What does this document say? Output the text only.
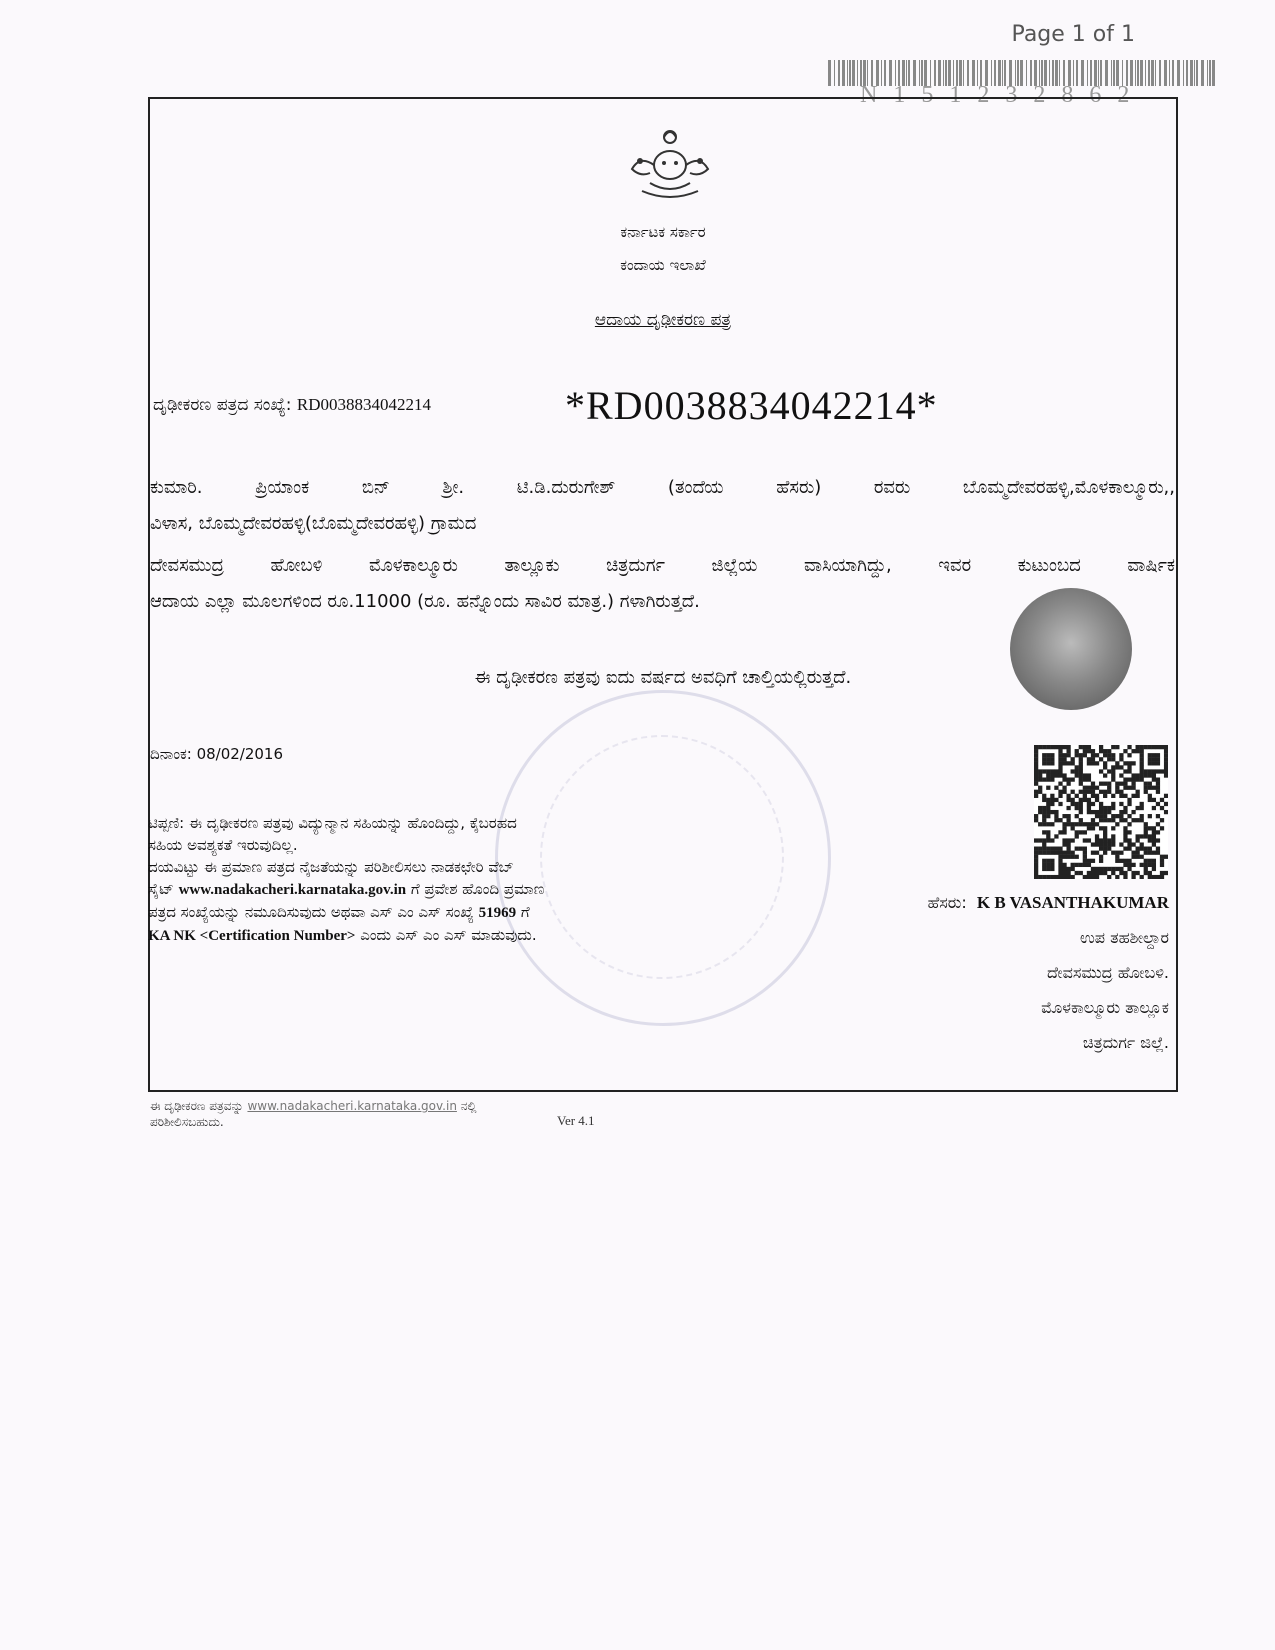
Page 1 of 1
N151232862
ಕರ್ನಾಟಕ ಸರ್ಕಾರ
ಕಂದಾಯ ಇಲಾಖೆ
ಆದಾಯ ದೃಢೀಕರಣ ಪತ್ರ
ದೃಢೀಕರಣ ಪತ್ರದ ಸಂಖ್ಯೆ: RD0038834042214	*RD0038834042214*
ಕುಮಾರಿ. ಪ್ರಿಯಾಂಕ ಬಿನ್ ಶ್ರೀ. ಟಿ.ಡಿ.ದುರುಗೇಶ್ (ತಂದೆಯ ಹೆಸರು) ರವರು ಬೊಮ್ಮದೇವರಹಳ್ಳಿ,ಮೊಳಕಾಲ್ಮೂರು,,
ವಿಳಾಸ, ಬೊಮ್ಮದೇವರಹಳ್ಳಿ(ಬೊಮ್ಮದೇವರಹಳ್ಳಿ) ಗ್ರಾಮದ
ದೇವಸಮುದ್ರ ಹೋಬಳಿ ಮೊಳಕಾಲ್ಮೂರು ತಾಲ್ಲೂಕು ಚಿತ್ರದುರ್ಗ ಜಿಲ್ಲೆಯ ವಾಸಿಯಾಗಿದ್ದು, ಇವರ ಕುಟುಂಬದ ವಾರ್ಷಿಕ
ಆದಾಯ ಎಲ್ಲಾ ಮೂಲಗಳಿಂದ ರೂ.11000 (ರೂ. ಹನ್ನೊಂದು ಸಾವಿರ ಮಾತ್ರ.) ಗಳಾಗಿರುತ್ತದೆ.
ಈ ದೃಢೀಕರಣ ಪತ್ರವು ಐದು ವರ್ಷದ ಅವಧಿಗೆ ಚಾಲ್ತಿಯಲ್ಲಿರುತ್ತದೆ.
ದಿನಾಂಕ: 08/02/2016
ಟಿಪ್ಪಣಿ: ಈ ದೃಢೀಕರಣ ಪತ್ರವು ವಿದ್ಯುನ್ಮಾನ ಸಹಿಯನ್ನು ಹೊಂದಿದ್ದು, ಕೈಬರಹದ
ಸಹಿಯ ಅವಶ್ಯಕತೆ ಇರುವುದಿಲ್ಲ.
ದಯವಿಟ್ಟು ಈ ಪ್ರಮಾಣ ಪತ್ರದ ನೈಜತೆಯನ್ನು ಪರಿಶೀಲಿಸಲು ನಾಡಕಛೇರಿ ವೆಬ್
ಸೈಟ್ www.nadakacheri.karnataka.gov.in ಗೆ ಪ್ರವೇಶ ಹೊಂದಿ ಪ್ರಮಾಣ
ಪತ್ರದ ಸಂಖ್ಯೆಯನ್ನು ನಮೂದಿಸುವುದು ಅಥವಾ ಎಸ್ ಎಂ ಎಸ್ ಸಂಖ್ಯೆ 51969 ಗೆ
KA NK <Certification Number> ಎಂದು ಎಸ್ ಎಂ ಎಸ್ ಮಾಡುವುದು.
ಹೆಸರು: K B VASANTHAKUMAR
ಉಪ ತಹಶೀಲ್ದಾರ
ದೇವಸಮುದ್ರ ಹೋಬಳಿ.
ಮೊಳಕಾಲ್ಮೂರು ತಾಲ್ಲೂಕ
ಚಿತ್ರದುರ್ಗ ಜಿಲ್ಲೆ.
ಈ ದೃಢೀಕರಣ ಪತ್ರವನ್ನು www.nadakacheri.karnataka.gov.in ನಲ್ಲಿ
ಪರಿಶೀಲಿಸಬಹುದು.	Ver 4.1
